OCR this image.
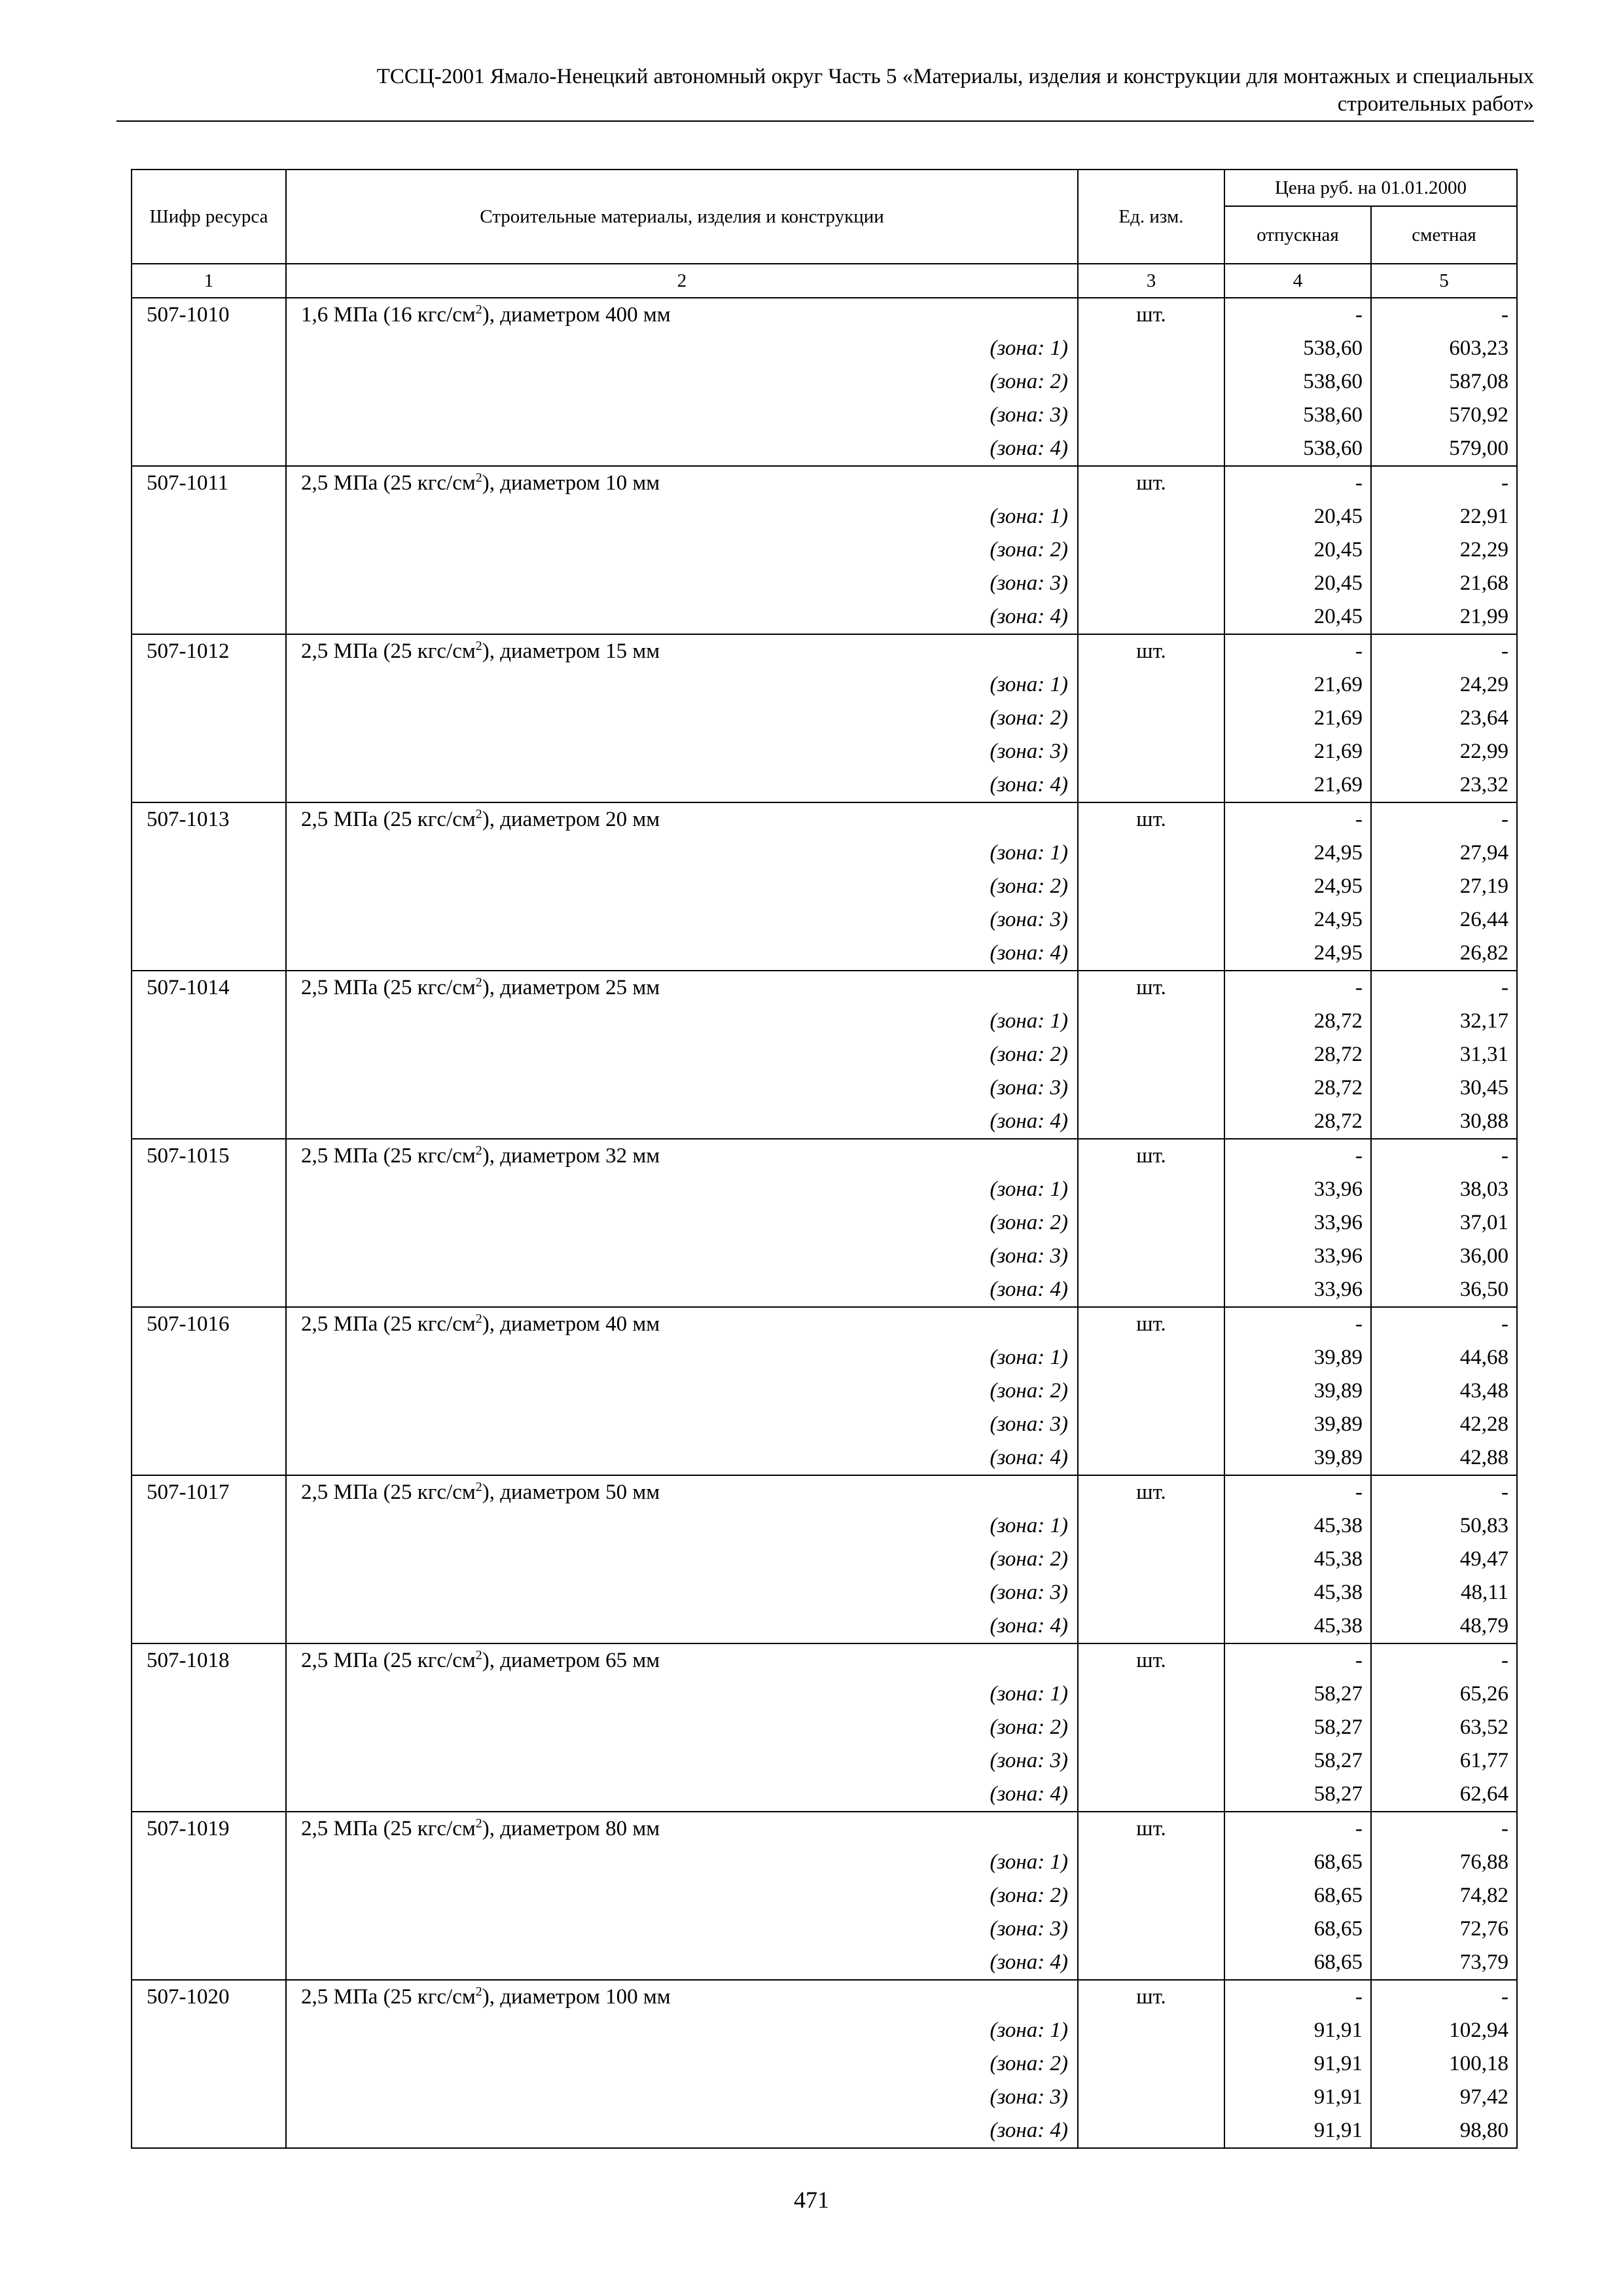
ТССЦ-2001 Ямало-Ненецкий автономный округ Часть 5 «Материалы, изделия и конструкции для монтажных и специальных
строительных работ»
Шифр ресурса	Строительные материалы, изделия и конструкции	Ед. изм.	Цена руб. на 01.01.2000	
			отпускная	сметная
1	2	3	4	5
507-1010	1,6 МПа (16 кгс/$см^2$), диаметром 400 мм	шт.	-	-
	(зона: 1)		538,60	603,23
	(зона: 2)		538,60	587,08
	(зона: 3)		538,60	570,92
	(зона: 4)		538,60	579,00
507-1011	2,5 МПа (25 кгс/$см^2$), диаметром 10 мм	шт.	-	-
	(зона: 1)		20,45	22,91
	(зона: 2)		20,45	22,29
	(зона: 3)		20,45	21,68
	(зона: 4)		20,45	21,99
507-1012	2,5 МПа (25 кгс/$см^2$), диаметром 15 мм	шт.	-	-
	(зона: 1)		21,69	24,29
	(зона: 2)		21,69	23,64
	(зона: 3)		21,69	22,99
	(зона: 4)		21,69	23,32
507-1013	2,5 МПа (25 кгс/$см^2$), диаметром 20 мм	шт.	-	-
	(зона: 1)		24,95	27,94
	(зона: 2)		24,95	27,19
	(зона: 3)		24,95	26,44
	(зона: 4)		24,95	26,82
507-1014	2,5 МПа (25 кгс/$см^2$), диаметром 25 мм	шт.	-	-
	(зона: 1)		28,72	32,17
	(зона: 2)		28,72	31,31
	(зона: 3)		28,72	30,45
	(зона: 4)		28,72	30,88
507-1015	2,5 МПа (25 кгс/$см^2$), диаметром 32 мм	шт.	-	-
	(зона: 1)		33,96	38,03
	(зона: 2)		33,96	37,01
	(зона: 3)		33,96	36,00
	(зона: 4)		33,96	36,50
507-1016	2,5 МПа (25 кгс/$см^2$), диаметром 40 мм	шт.	-	-
	(зона: 1)		39,89	44,68
	(зона: 2)		39,89	43,48
	(зона: 3)		39,89	42,28
	(зона: 4)		39,89	42,88
507-1017	2,5 МПа (25 кгс/$см^2$), диаметром 50 мм	шт.	-	-
	(зона: 1)		45,38	50,83
	(зона: 2)		45,38	49,47
	(зона: 3)		45,38	48,11
	(зона: 4)		45,38	48,79
507-1018	2,5 МПа (25 кгс/$см^2$), диаметром 65 мм	шт.	-	-
	(зона: 1)		58,27	65,26
	(зона: 2)		58,27	63,52
	(зона: 3)		58,27	61,77
	(зона: 4)		58,27	62,64
507-1019	2,5 МПа (25 кгс/$см^2$), диаметром 80 мм	шт.	-	-
	(зона: 1)		68,65	76,88
	(зона: 2)		68,65	74,82
	(зона: 3)		68,65	72,76
	(зона: 4)		68,65	73,79
507-1020	2,5 МПа (25 кгс/$см^2$), диаметром 100 мм	шт.	-	-
	(зона: 1)		91,91	102,94
	(зона: 2)		91,91	100,18
	(зона: 3)		91,91	97,42
	(зона: 4)		91,91	98,80
471
